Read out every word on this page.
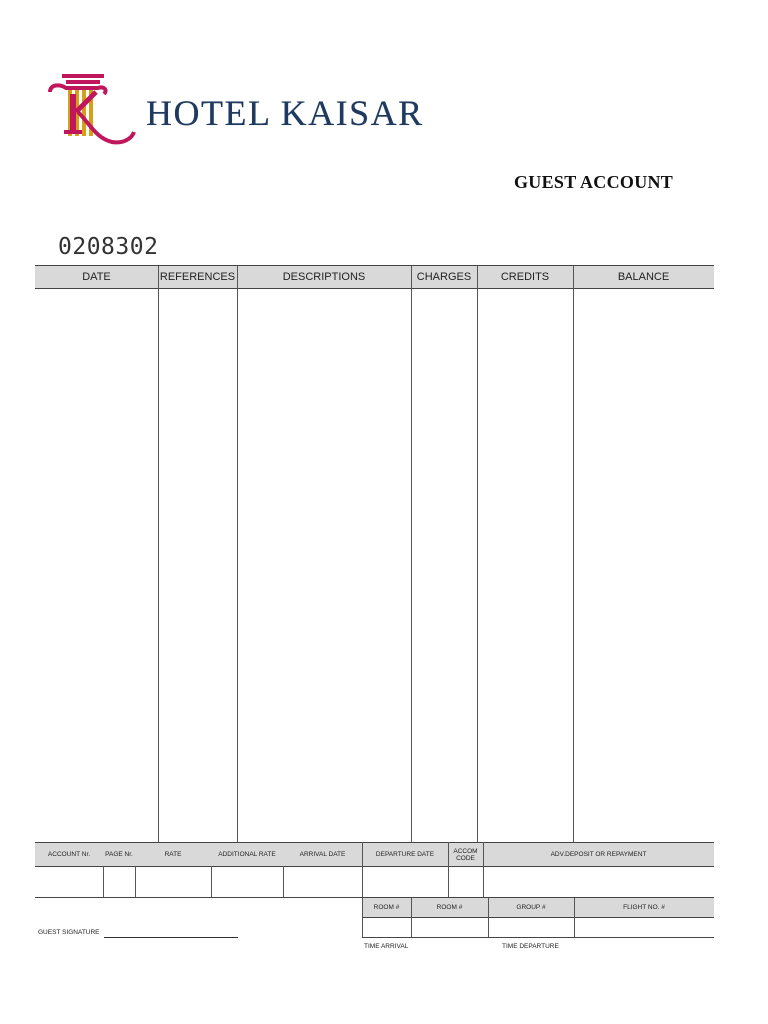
HOTEL KAISAR
GUEST ACCOUNT
0208302
DATE	REFERENCES	DESCRIPTIONS	CHARGES	CREDITS	BALANCE
ACCOUNT Nr.	PAGE Nr.	RATE	ADDITIONAL RATE	ARRIVAL DATE	DEPARTURE DATE	ACCOM CODE	ADV.DEPOSIT OR REPAYMENT
ROOM #	ROOM #	GROUP #	FLIGHT NO. #
GUEST SIGNATURE
TIME ARRIVAL	TIME DEPARTURE
